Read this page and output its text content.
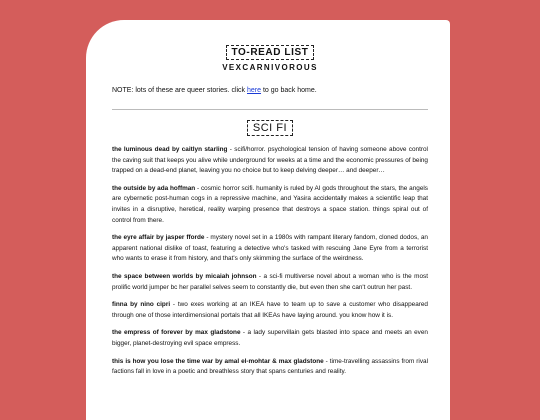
TO-READ LIST
VEXCARNIVOROUS
NOTE: lots of these are queer stories. click here to go back home.
SCI FI

the luminous dead by caitlyn starling - scifi/horror. psychological tension of having someone above control the caving suit that keeps you alive while underground for weeks at a time and the economic pressures of being trapped on a dead-end planet, leaving you no choice but to keep delving deeper… and deeper…

the outside by ada hoffman - cosmic horror scifi. humanity is ruled by AI gods throughout the stars, the angels are cybernetic post-human cogs in a repressive machine, and Yasira accidentally makes a scientific leap that invites in a disruptive, heretical, reality warping presence that destroys a space station. things spiral out of control from there.

the eyre affair by jasper fforde - mystery novel set in a 1980s with rampant literary fandom, cloned dodos, an apparent national dislike of toast, featuring a detective who's tasked with rescuing Jane Eyre from a terrorist who wants to erase it from history, and that's only skimming the surface of the weirdness.

the space between worlds by micaiah johnson - a sci-fi multiverse novel about a woman who is the most prolific world jumper bc her parallel selves seem to constantly die, but even then she can't outrun her past.

finna by nino cipri - two exes working at an IKEA have to team up to save a customer who disappeared through one of those interdimensional portals that all IKEAs have laying around. you know how it is.

the empress of forever by max gladstone - a lady supervillain gets blasted into space and meets an even bigger, planet-destroying evil space empress.

this is how you lose the time war by amal el-mohtar & max gladstone - time-travelling assassins from rival factions fall in love in a poetic and breathless story that spans centuries and reality.
